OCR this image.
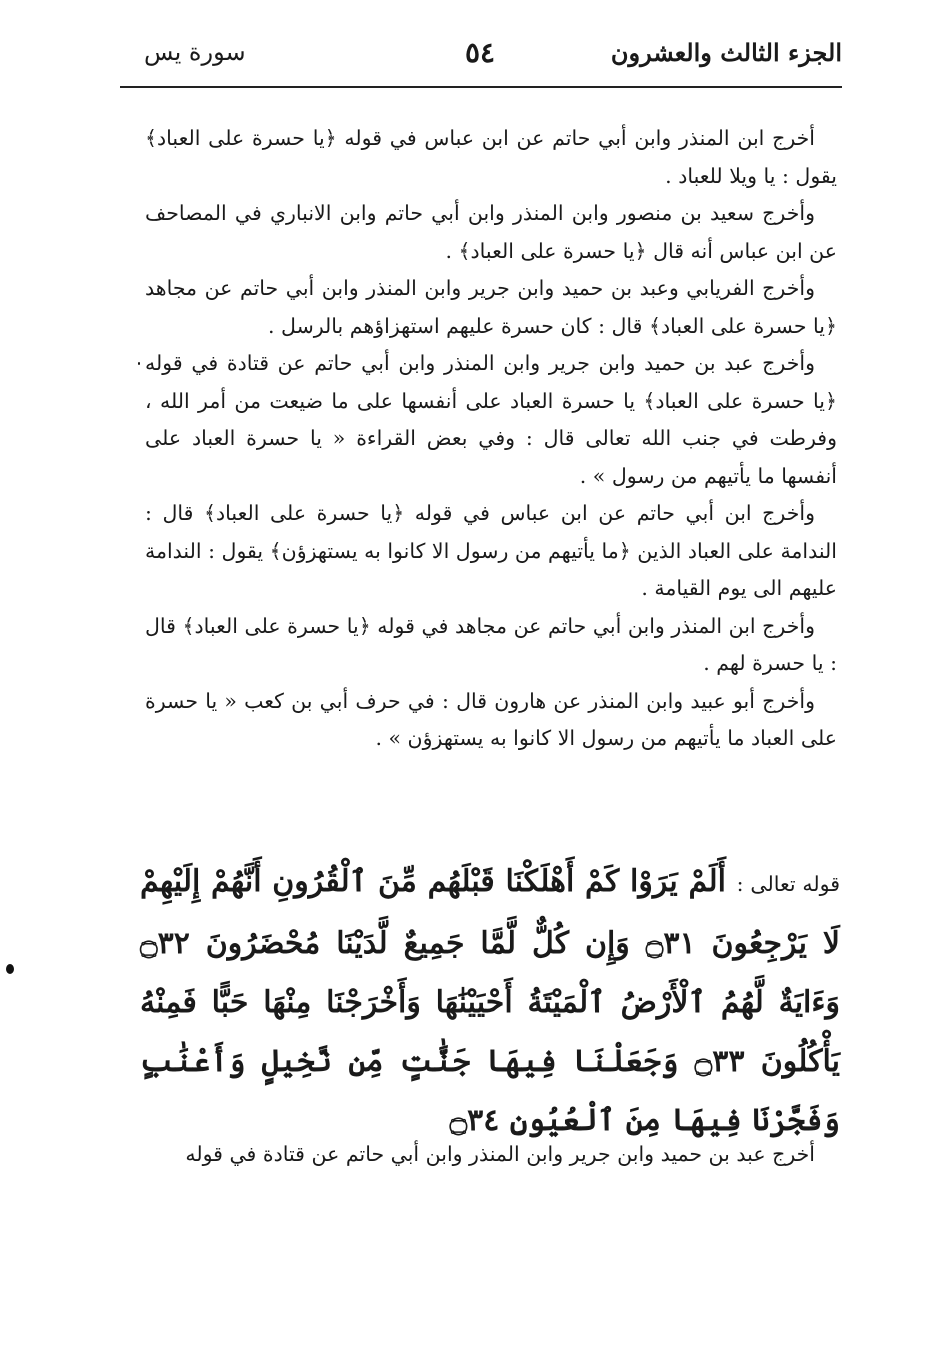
الجزء الثالث والعشرون
٥٤
سورة يس

أخرج ابن المنذر وابن أبي حاتم عن ابن عباس في قوله ﴿يا حسرة على العباد﴾ يقول : يا ويلا للعباد .

وأخرج سعيد بن منصور وابن المنذر وابن أبي حاتم وابن الانباري في المصاحف عن ابن عباس أنه قال ﴿يا حسرة على العباد﴾ .

وأخرج الفريابي وعبد بن حميد وابن جرير وابن المنذر وابن أبي حاتم عن مجاهد ﴿يا حسرة على العباد﴾ قال : كان حسرة عليهم استهزاؤهم بالرسل .

وأخرج عبد بن حميد وابن جرير وابن المنذر وابن أبي حاتم عن قتادة في قوله ﴿يا حسرة على العباد﴾ يا حسرة العباد على أنفسها على ما ضيعت من أمر الله ، وفرطت في جنب الله تعالى قال : وفي بعض القراءة « يا حسرة العباد على أنفسها ما يأتيهم من رسول » .

وأخرج ابن أبي حاتم عن ابن عباس في قوله ﴿يا حسرة على العباد﴾ قال : الندامة على العباد الذين ﴿ما يأتيهم من رسول الا كانوا به يستهزؤن﴾ يقول : الندامة عليهم الى يوم القيامة .

وأخرج ابن المنذر وابن أبي حاتم عن مجاهد في قوله ﴿يا حسرة على العباد﴾ قال : يا حسرة لهم .

وأخرج أبو عبيد وابن المنذر عن هارون قال : في حرف أبي بن كعب « يا حسرة على العباد ما يأتيهم من رسول الا كانوا به يستهزؤن » .

قوله تعالى : أَلَمْ يَرَوْا كَمْ أَهْلَكْنَا قَبْلَهُم مِّنَ ٱلْقُرُونِ أَنَّهُمْ إِلَيْهِمْ لَا يَرْجِعُونَ ۝٣١ وَإِن كُلٌّ لَّمَّا جَمِيعٌ لَّدَيْنَا مُحْضَرُونَ ۝٣٢ وَءَايَةٌ لَّهُمُ ٱلْأَرْضُ ٱلْمَيْتَةُ أَحْيَيْنَٰهَا وَأَخْرَجْنَا مِنْهَا حَبًّا فَمِنْهُ يَأْكُلُونَ ۝٣٣ وَجَعَلْنَا فِيهَا جَنَّٰتٍ مِّن نَّخِيلٍ وَأَعْنَٰبٍ وَفَجَّرْنَا فِيهَا مِنَ ٱلْعُيُونِ ۝٣٤

أخرج عبد بن حميد وابن جرير وابن المنذر وابن أبي حاتم عن قتادة في قوله
